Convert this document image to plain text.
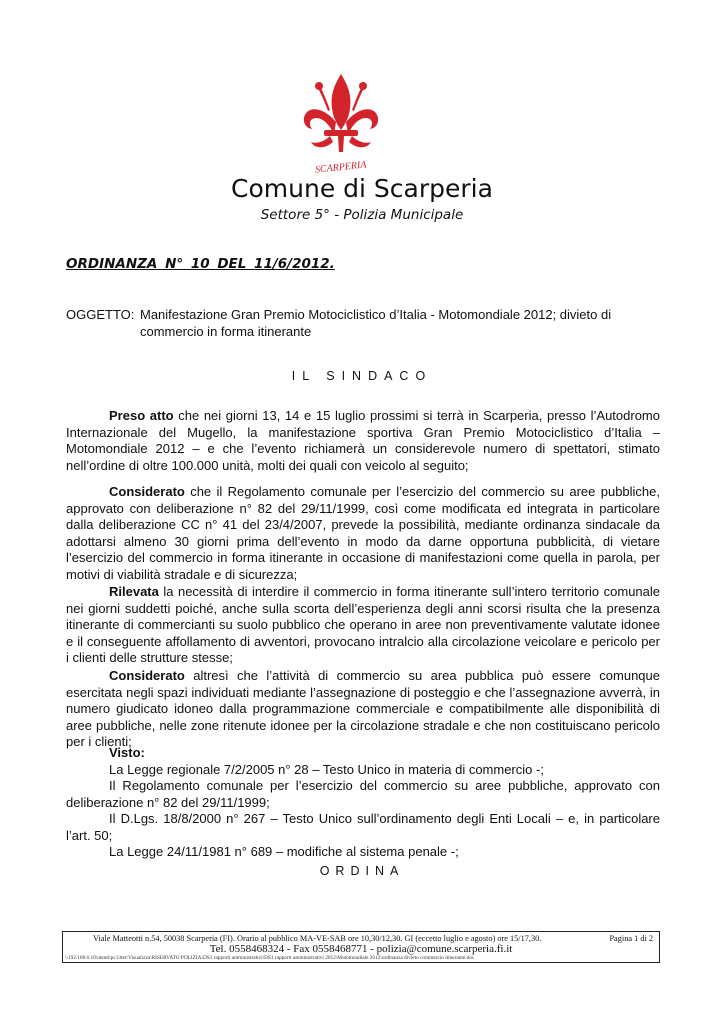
SCARPERIA
Comune di Scarperia
Settore 5° - Polizia Municipale
ORDINANZA N° 10 DEL 11/6/2012.
OGGETTO: Manifestazione Gran Premio Motociclistico d’Italia - Motomondiale 2012; divieto di commercio in forma itinerante
IL SINDACO
Preso atto che nei giorni 13, 14 e 15 luglio prossimi si terrà in Scarperia, presso l’Autodromo Internazionale del Mugello, la manifestazione sportiva Gran Premio Motociclistico d’Italia – Motomondiale 2012 – e che l’evento richiamerà un considerevole numero di spettatori, stimato nell’ordine di oltre 100.000 unità, molti dei quali con veicolo al seguito;
Considerato che il Regolamento comunale per l’esercizio del commercio su aree pubbliche, approvato con deliberazione n° 82 del 29/11/1999, così come modificata ed integrata in particolare dalla deliberazione CC n° 41 del 23/4/2007, prevede la possibilità, mediante ordinanza sindacale da adottarsi almeno 30 giorni prima dell’evento in modo da darne opportuna pubblicità, di vietare l’esercizio del commercio in forma itinerante in occasione di manifestazioni come quella in parola, per motivi di viabilità stradale e di sicurezza;
Rilevata la necessità di interdire il commercio in forma itinerante sull’intero territorio comunale nei giorni suddetti poiché, anche sulla scorta dell’esperienza degli anni scorsi risulta che la presenza itinerante di commercianti su suolo pubblico che operano in aree non preventivamente valutate idonee e il conseguente affollamento di avventori, provocano intralcio alla circolazione veicolare e pericolo per i clienti delle strutture stesse;
Considerato altresì che l’attività di commercio su area pubblica può essere comunque esercitata negli spazi individuati mediante l’assegnazione di posteggio e che l’assegnazione avverrà, in numero giudicato idoneo dalla programmazione commerciale e compatibilmente alle disponibilità di aree pubbliche, nelle zone ritenute idonee per la circolazione stradale e che non costituiscano pericolo per i clienti;
Visto:
La Legge regionale 7/2/2005 n° 28 – Testo Unico in materia di commercio -;
Il Regolamento comunale per l’esercizio del commercio su aree pubbliche, approvato con deliberazione n° 82 del 29/11/1999;
Il D.Lgs. 18/8/2000 n° 267 – Testo Unico sull’ordinamento degli Enti Locali – e, in particolare l’art. 50;
La Legge 24/11/1981 n° 689 – modifiche al sistema penale -;
ORDINA
Viale Matteotti n.54, 50038 Scarperia (FI). Orario al pubblico MA-VE-SAB ore 10,30/12,30. GI (eccetto luglio e agosto) ore 15/17,30.	Pagina 1 di 2
Tel. 0558468324 - Fax 0558468771 - polizia@comune.scarperia.fi.it
\\192.168.6.10\utenti\pc13ter\Visualizza\RISERVATO POLIZIA\DS1 rapporti amministrativi\DS1 rapporti amministrativi 2012\Motomondiale 2012\ordinanza divieto commercio itinerante.doc
